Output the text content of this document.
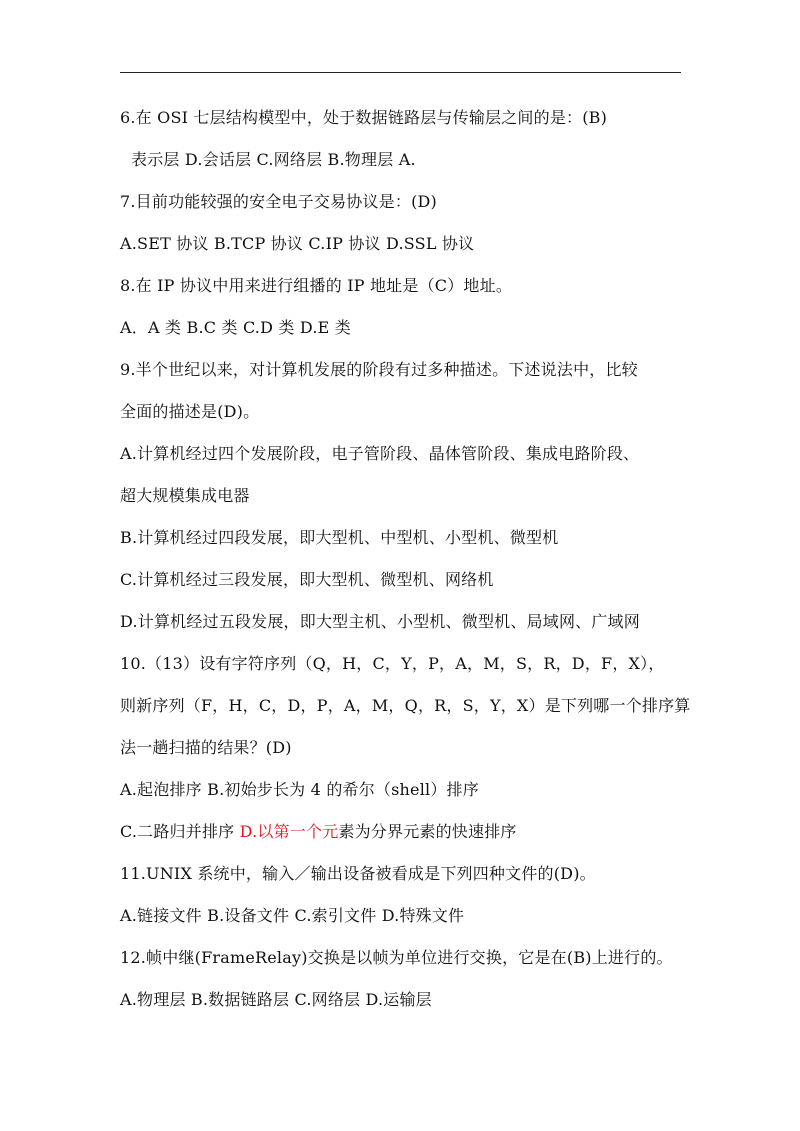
6.在 OSI 七层结构模型中，处于数据链路层与传输层之间的是：(B)
表示层 D.会话层 C.网络层 B.物理层 A.
7.目前功能较强的安全电子交易协议是：(D)
A.SET 协议 B.TCP 协议 C.IP 协议 D.SSL 协议
8.在 IP 协议中用来进行组播的 IP 地址是（C）地址。
A．A 类 B.C 类 C.D 类 D.E 类
9.半个世纪以来，对计算机发展的阶段有过多种描述。下述说法中，比较
全面的描述是(D)。
A.计算机经过四个发展阶段，电子管阶段、晶体管阶段、集成电路阶段、
超大规模集成电器
B.计算机经过四段发展，即大型机、中型机、小型机、微型机
C.计算机经过三段发展，即大型机、微型机、网络机
D.计算机经过五段发展，即大型主机、小型机、微型机、局域网、广域网
10.（13）设有字符序列（Q，H，C，Y，P，A，M，S，R，D，F，X），
则新序列（F，H，C，D，P，A，M，Q，R，S，Y，X）是下列哪一个排序算
法一趟扫描的结果？(D)
A.起泡排序 B.初始步长为 4 的希尔（shell）排序
C.二路归并排序 D.以第一个元素为分界元素的快速排序
11.UNIX 系统中，输入／输出设备被看成是下列四种文件的(D)。
A.链接文件 B.设备文件 C.索引文件 D.特殊文件
12.帧中继(FrameRelay)交换是以帧为单位进行交换，它是在(B)上进行的。
A.物理层 B.数据链路层 C.网络层 D.运输层
